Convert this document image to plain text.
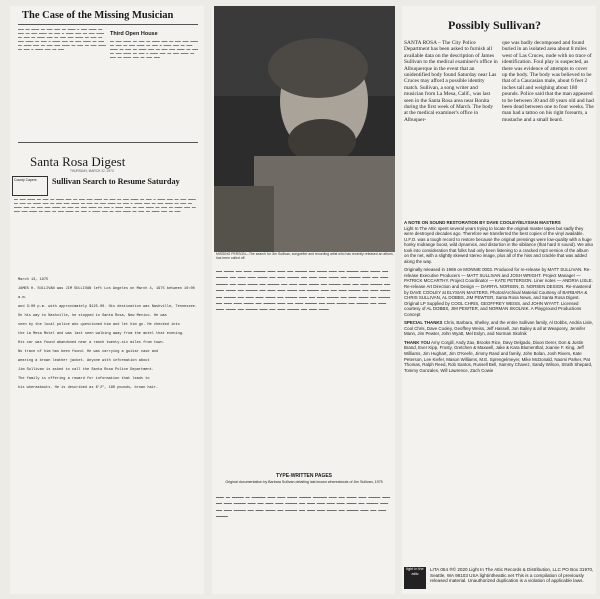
The Case of the Missing Musician
▬▬▬ ▬▬ ▬▬▬▬ ▬▬ ▬▬▬ ▬▬▬ ▬▬ ▬▬▬▬ ▬ ▬▬▬ ▬▬▬▬ ▬▬ ▬▬▬ ▬▬ ▬▬▬ ▬▬▬▬ ▬▬ ▬▬▬ ▬ ▬▬▬▬ ▬▬▬ ▬▬ ▬▬▬ ▬▬▬▬ ▬▬ ▬▬▬ ▬▬ ▬▬▬▬ ▬▬▬ ▬▬ ▬▬▬ ▬▬▬ ▬▬▬▬ ▬▬ ▬▬▬ ▬▬ ▬▬▬ ▬▬▬▬ ▬▬ ▬▬▬ ▬ ▬▬▬▬ ▬▬▬ ▬▬ ▬▬▬ ▬▬▬▬ ▬▬ ▬▬▬ ▬▬ ▬▬▬▬ ▬▬▬ ▬▬ ▬▬▬ ▬▬▬ ▬▬▬▬ ▬▬ ▬▬▬ ▬▬ ▬▬▬ ▬▬▬▬ ▬▬ ▬▬▬ ▬ ▬▬▬▬ ▬▬▬ ▬▬ ▬▬▬
Third Open House
▬▬ ▬▬▬ ▬▬▬▬ ▬▬ ▬▬▬ ▬▬ ▬▬▬▬ ▬▬▬ ▬▬ ▬▬▬ ▬▬▬ ▬▬▬▬ ▬▬ ▬▬▬ ▬▬ ▬▬▬ ▬▬▬▬ ▬▬ ▬▬▬ ▬ ▬▬▬▬ ▬▬▬ ▬▬ ▬▬▬ ▬▬▬▬ ▬▬ ▬▬▬ ▬▬ ▬▬▬▬ ▬▬▬ ▬▬ ▬▬▬ ▬▬▬ ▬▬▬▬ ▬▬ ▬▬▬ ▬▬ ▬▬▬ ▬▬▬▬ ▬▬ ▬▬▬ ▬ ▬▬▬▬ ▬▬▬ ▬▬ ▬▬▬ ▬▬▬▬ ▬▬ ▬▬▬ ▬▬ ▬▬▬▬ ▬▬▬ ▬▬ ▬▬▬ ▬▬▬
Santa Rosa Digest
THURSDAY, MARCH 22, 1973
County Capers	Sullivan Search to Resume Saturday
▬▬ ▬▬▬ ▬▬▬▬ ▬▬ ▬▬▬ ▬▬ ▬▬▬▬ ▬▬▬ ▬▬ ▬▬▬ ▬▬▬ ▬▬▬▬ ▬▬ ▬▬▬ ▬▬ ▬▬▬ ▬▬▬▬ ▬▬ ▬▬▬ ▬ ▬▬▬▬ ▬▬▬ ▬▬ ▬▬▬ ▬▬▬▬ ▬▬ ▬▬▬ ▬▬ ▬▬▬▬ ▬▬▬ ▬▬ ▬▬▬ ▬▬▬ ▬▬▬▬ ▬▬ ▬▬▬ ▬▬ ▬▬▬ ▬▬▬▬ ▬▬ ▬▬▬ ▬ ▬▬▬▬ ▬▬▬ ▬▬ ▬▬▬ ▬▬▬▬ ▬▬ ▬▬▬ ▬▬ ▬▬▬▬ ▬▬▬ ▬▬ ▬▬▬ ▬▬▬ ▬▬▬▬ ▬▬ ▬▬▬ ▬▬ ▬▬▬ ▬▬▬▬ ▬▬ ▬▬▬ ▬ ▬▬▬▬ ▬▬▬ ▬▬ ▬▬▬ ▬▬▬▬ ▬▬ ▬▬▬ ▬▬ ▬▬▬▬ ▬▬▬ ▬▬ ▬▬▬ ▬▬▬ ▬▬▬▬ ▬▬ ▬▬▬ ▬▬ ▬▬▬ ▬▬▬▬ ▬▬ ▬▬▬ ▬ ▬▬▬▬ ▬▬▬ ▬▬ ▬▬▬ ▬▬▬▬ ▬▬ ▬▬▬ ▬▬ ▬▬▬▬ ▬▬▬ ▬▬ ▬▬▬
March 13, 1975
JAMES H. SULLIVAN was JIM SULLIVAN left Los Angeles on March 4, 1975 between 10:00 a.m.
and 3:00 p.m. with approximately $125.00. His destination was Nashville, Tennessee.
On his way to Nashville, he stopped in Santa Rosa, New Mexico. He was
seen by the local police who questioned him and let him go. He checked into
the La Mesa Motel and was last seen walking away from the motel that evening.
His car was found abandoned near a ranch twenty-six miles from town.
No trace of him has been found. He was carrying a guitar case and
wearing a brown leather jacket. Anyone with information about
Jim Sullivan is asked to call the Santa Rosa Police Department.
The family is offering a reward for information that leads to
his whereabouts. He is described as 6'2", 180 pounds, brown hair.
MISSING PERSON—The search for Jim Sullivan, songwriter and recording artist who has recently released an album, has been called off.
▬▬▬ ▬▬▬▬▬ ▬▬▬ ▬▬▬▬ ▬▬▬▬▬▬ ▬▬▬▬ ▬▬▬▬ ▬▬▬ ▬▬▬▬▬▬ ▬▬▬ ▬▬▬▬▬ ▬▬▬▬ ▬▬▬ ▬▬▬▬▬▬ ▬▬▬▬ ▬▬▬▬▬ ▬▬▬ ▬▬▬▬▬▬ ▬▬▬ ▬▬▬▬ ▬▬▬▬ ▬▬▬▬▬ ▬▬▬ ▬▬▬▬ ▬▬▬▬▬▬ ▬▬▬ ▬▬▬▬ ▬▬▬▬ ▬▬▬▬▬ ▬▬▬ ▬▬▬▬▬▬ ▬▬▬▬ ▬▬▬ ▬▬▬▬ ▬▬▬▬▬▬ ▬▬▬ ▬▬▬▬ ▬▬▬▬▬ ▬▬▬ ▬▬▬▬▬▬ ▬▬▬ ▬▬▬▬ ▬▬▬▬ ▬▬▬▬▬ ▬▬▬ ▬▬▬▬▬▬ ▬▬▬▬ ▬▬▬ ▬▬▬▬ ▬▬▬▬▬▬ ▬▬▬ ▬▬▬▬ ▬▬▬▬▬ ▬▬▬ ▬▬▬▬▬▬ ▬▬▬ ▬▬▬▬ ▬▬▬▬ ▬▬▬▬▬ ▬▬▬ ▬▬▬▬▬▬ ▬▬▬▬ ▬▬▬ ▬▬▬▬ ▬▬▬▬▬▬ ▬▬▬ ▬▬▬▬ ▬▬▬▬▬ ▬▬▬ ▬▬▬▬▬▬ ▬▬▬ ▬▬▬▬ ▬▬▬▬ ▬▬▬▬▬ ▬▬▬ ▬▬▬▬▬▬ ▬▬▬▬ ▬▬▬ ▬▬▬▬ ▬▬▬▬▬▬ ▬▬▬ ▬▬▬▬ ▬▬▬▬▬ ▬▬▬ ▬▬▬▬▬▬ ▬▬▬ ▬▬▬▬ ▬▬▬▬ ▬▬▬▬▬ ▬▬▬ ▬▬▬▬▬▬ ▬▬▬▬ ▬▬▬ ▬▬▬▬ ▬▬▬▬▬▬ ▬▬▬ ▬▬▬▬ ▬▬▬▬▬ ▬▬▬ ▬▬▬▬▬▬ ▬▬▬ ▬▬▬▬ ▬▬▬▬ ▬▬▬▬▬ ▬▬▬ ▬▬▬▬▬▬ ▬▬▬▬ ▬▬▬ ▬▬▬▬ ▬▬▬▬▬▬ ▬▬▬ ▬▬▬▬ ▬▬▬▬▬
TYPE-WRITTEN PAGES
Original documentation by Barbara Sullivan detailing last known whereabouts of Jim Sullivan, 1975
▬▬▬▬ ▬▬ ▬▬▬▬▬▬ ▬▬ ▬▬▬▬▬▬▬ ▬▬▬▬ ▬▬▬▬ ▬▬▬▬▬ ▬▬▬▬▬▬ ▬▬▬▬▬▬▬ ▬▬▬▬ ▬▬▬ ▬▬▬▬▬ ▬▬▬▬ ▬▬▬▬▬▬ ▬▬▬▬ ▬▬▬ ▬▬▬▬ ▬▬▬▬▬▬ ▬▬▬▬ ▬▬▬ ▬▬▬▬ ▬▬▬▬ ▬▬▬▬▬▬ ▬▬▬ ▬▬▬▬ ▬▬▬▬ ▬▬▬▬ ▬▬▬▬ ▬▬▬▬▬ ▬▬▬ ▬▬▬▬▬▬ ▬▬▬▬ ▬▬▬ ▬▬▬▬ ▬▬▬▬▬▬ ▬▬▬ ▬▬▬▬ ▬▬▬▬▬ ▬▬▬ ▬▬▬▬▬▬ ▬▬▬ ▬▬▬▬ ▬▬▬▬ ▬▬▬▬▬ ▬▬▬ ▬▬▬▬▬▬ ▬▬▬▬ ▬▬▬ ▬▬▬▬ ▬▬▬▬▬▬
Possibly Sullivan?
SANTA ROSA – The City Police Department has been asked to furnish all available data on the description of James Sullivan to the medical examiner's office in Albuquerque in the event that an unidentified body found Saturday near Las Cruces may afford a possible identity match. Sullivan, a song writer and musician from La Mesa, Calif., was last seen in the Santa Rosa area near Bonita during the first week of March. The body at the medical examiner's office in Albuquer-
que was badly decomposed and found buried in an isolated area about 8 miles west of Las Cruces, nude with no trace of identification. Foul play is suspected, as there was evidence of attempts to cover up the body. The body was believed to be that of a Caucasian male, about 6 feet 2 inches tall and weighing about 180 pounds. Police said that the man appeared to be between 30 and 40 years old and had been dead between one to four weeks. The man had a tattoo on his right forearm, a mustache and a small beard.
A NOTE ON SOUND RESTORATION BY DAVE COOLEY/ELYSIAN MASTERS
Light In The Attic spent several years trying to locate the original master tapes but sadly they were destroyed decades ago. Therefore we transferred the best copies of the vinyl available. U.F.O. was a tough record to restore because the original pressings were low-quality with a huge honky midrange boost, wild dynamics, and distortion in the sibilance (that hard S sound). We also took into consideration that folks had only been listening to a cracked mp3 version of the album on the net, with a slightly skewed stereo image, plus all of the hiss and crackle that was added along the way.
Originally released in 1969 on MONNIE 0003. Produced for re-release by MATT SULLIVAN. Re-release Executive Producers — MATT SULLIVAN and JOSH WRIGHT. Project Manager — PATRICK MCCARTHY. Project Coordinator — KATE PETERSON. Liner notes — ANDRIA LISLE. Re-release Art Direction and Design — DARRYL NORSEN, D. NORSEN DESIGN. Re-mastered by DAVE COOLEY at ELYSIAN MASTERS. Photos/Archival Material Courtesy of BARBARA & CHRIS SULLIVAN, AL DOBBS, JIM PEWTER, Santa Rosa News, and Santa Rosa Digest. Original LP Supplied by COOL CHRIS, GEOFFREY WEISS, and JOHN WYATT. Licensed courtesy of AL DOBBS, JIM PEWTER, and NORMAN SKOLNIK. A Playground Productions Concept
SPECIAL THANKS Chris, Barbara, Shelley, and the entire Sullivan family, Al Dobbs, Andria Lisle, Cool Chris, Dave Cooley, Geoffrey Weiss, Jeff Hassell, Jon Bailey & all at Weaponry, Jennifer Mann, Jim Pewter, John Wyatt, Mel Eslyn, and Norman Skolnik
THANK YOU Amy Corgill, Andy Zax, Brooks Rice, Davy Delgado, Dixon Derer, Don & Justin Brand, Ever Kipp, Frosty, Gretchen & Maxwell, Jake & Kara Blumenthal, Joanne F. King, Jeff Williams, Jim Hughart, Jim O'Keefe, Jimmy Rand and family, John Bolan, Josh Rivers, Kate Peterson, Lee Kiefer, Mason Williams, M.E. Sprengelmeyer, Mike McDonald, Naomi Parker, Pat Thomas, Ralph Reed, Rob Santos, Russell Bell, Sammy Chavez, Sandy Wilson, Strath Shepard, Tommy Gonzales, Will Lawrence, Zach Cowie
light in the attic
LITA 054 ℗© 2020 Light In The Attic Records & Distribution, LLC PO Box 31970, Seattle, WA 98103 USA lightintheattic.net This is a compilation of previously released material. Unauthorized duplication is a violation of applicable laws.
